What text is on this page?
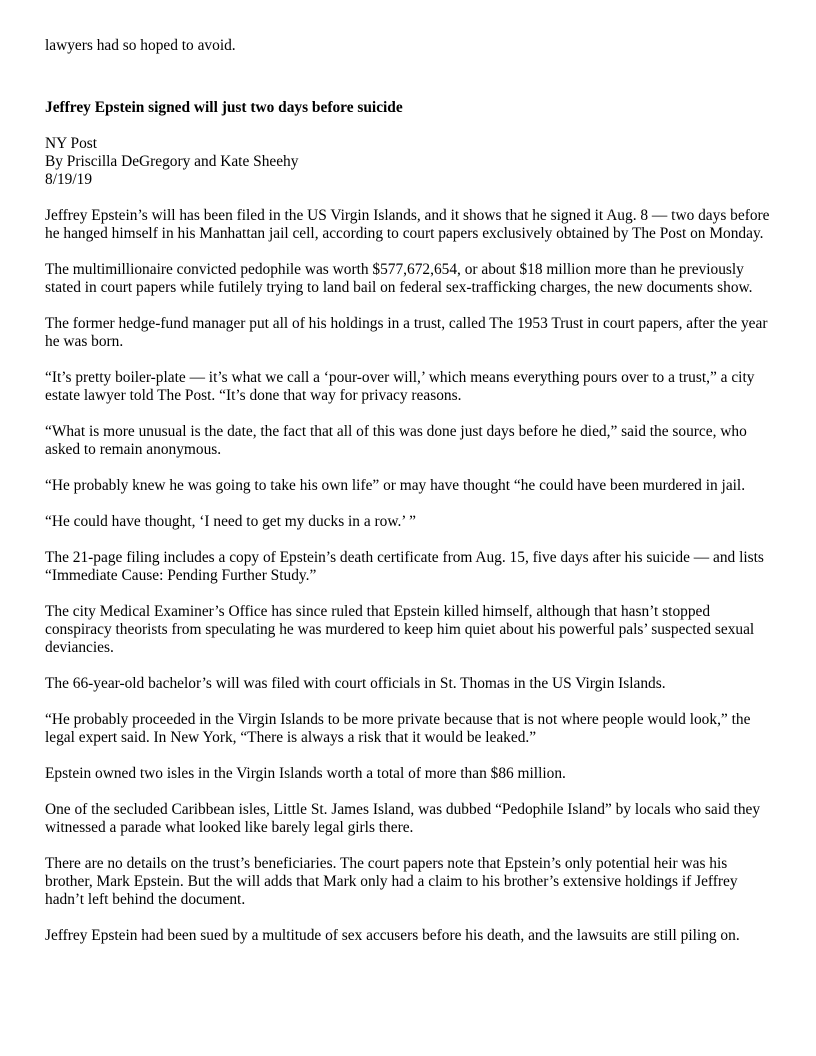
lawyers had so hoped to avoid.

Jeffrey Epstein signed will just two days before suicide

NY Post
By Priscilla DeGregory and Kate Sheehy
8/19/19

Jeffrey Epstein’s will has been filed in the US Virgin Islands, and it shows that he signed it Aug. 8 — two days before he hanged himself in his Manhattan jail cell, according to court papers exclusively obtained by The Post on Monday.

The multimillionaire convicted pedophile was worth $577,672,654, or about $18 million more than he previously stated in court papers while futilely trying to land bail on federal sex-trafficking charges, the new documents show.

The former hedge-fund manager put all of his holdings in a trust, called The 1953 Trust in court papers, after the year he was born.

“It’s pretty boiler-plate — it’s what we call a ‘pour-over will,’ which means everything pours over to a trust,” a city estate lawyer told The Post. “It’s done that way for privacy reasons.

“What is more unusual is the date, the fact that all of this was done just days before he died,” said the source, who asked to remain anonymous.

“He probably knew he was going to take his own life” or may have thought “he could have been murdered in jail.

“He could have thought, ‘I need to get my ducks in a row.’ ”

The 21-page filing includes a copy of Epstein’s death certificate from Aug. 15, five days after his suicide — and lists “Immediate Cause: Pending Further Study.”

The city Medical Examiner’s Office has since ruled that Epstein killed himself, although that hasn’t stopped conspiracy theorists from speculating he was murdered to keep him quiet about his powerful pals’ suspected sexual deviancies.

The 66-year-old bachelor’s will was filed with court officials in St. Thomas in the US Virgin Islands.

“He probably proceeded in the Virgin Islands to be more private because that is not where people would look,” the legal expert said. In New York, “There is always a risk that it would be leaked.”

Epstein owned two isles in the Virgin Islands worth a total of more than $86 million.

One of the secluded Caribbean isles, Little St. James Island, was dubbed “Pedophile Island” by locals who said they witnessed a parade what looked like barely legal girls there.

There are no details on the trust’s beneficiaries. The court papers note that Epstein’s only potential heir was his brother, Mark Epstein. But the will adds that Mark only had a claim to his brother’s extensive holdings if Jeffrey hadn’t left behind the document.

Jeffrey Epstein had been sued by a multitude of sex accusers before his death, and the lawsuits are still piling on.
